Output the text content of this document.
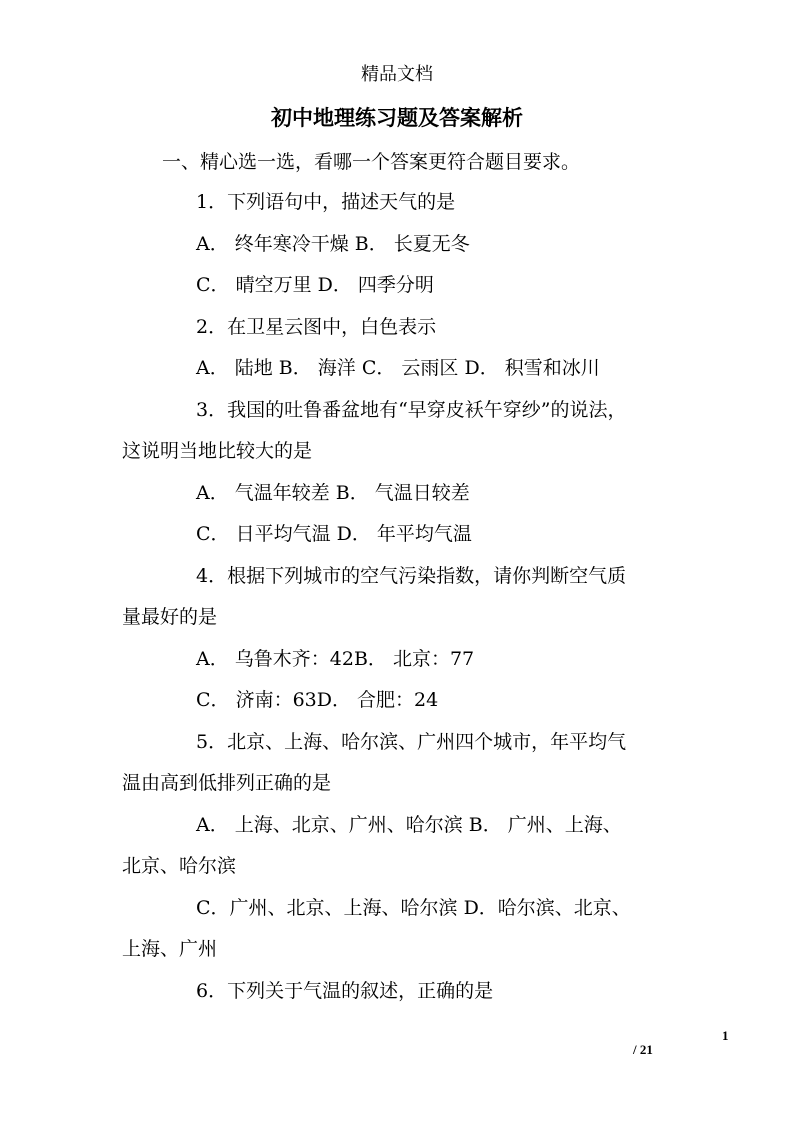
精品文档
初中地理练习题及答案解析
一、精心选一选，看哪一个答案更符合题目要求。
1．下列语句中，描述天气的是
A． 终年寒冷干燥 B． 长夏无冬
C． 晴空万里 D． 四季分明
2．在卫星云图中，白色表示
A． 陆地 B． 海洋 C． 云雨区 D． 积雪和冰川
3．我国的吐鲁番盆地有“早穿皮袄午穿纱”的说法，
这说明当地比较大的是
A． 气温年较差 B． 气温日较差
C． 日平均气温 D． 年平均气温
4．根据下列城市的空气污染指数，请你判断空气质
量最好的是
A． 乌鲁木齐：42B． 北京：77
C． 济南：63D． 合肥：24
5．北京、上海、哈尔滨、广州四个城市，年平均气
温由高到低排列正确的是
A． 上海、北京、广州、哈尔滨 B． 广州、上海、
北京、哈尔滨
C．广州、北京、上海、哈尔滨 D．哈尔滨、北京、
上海、广州
6．下列关于气温的叙述，正确的是
1
/ 21
